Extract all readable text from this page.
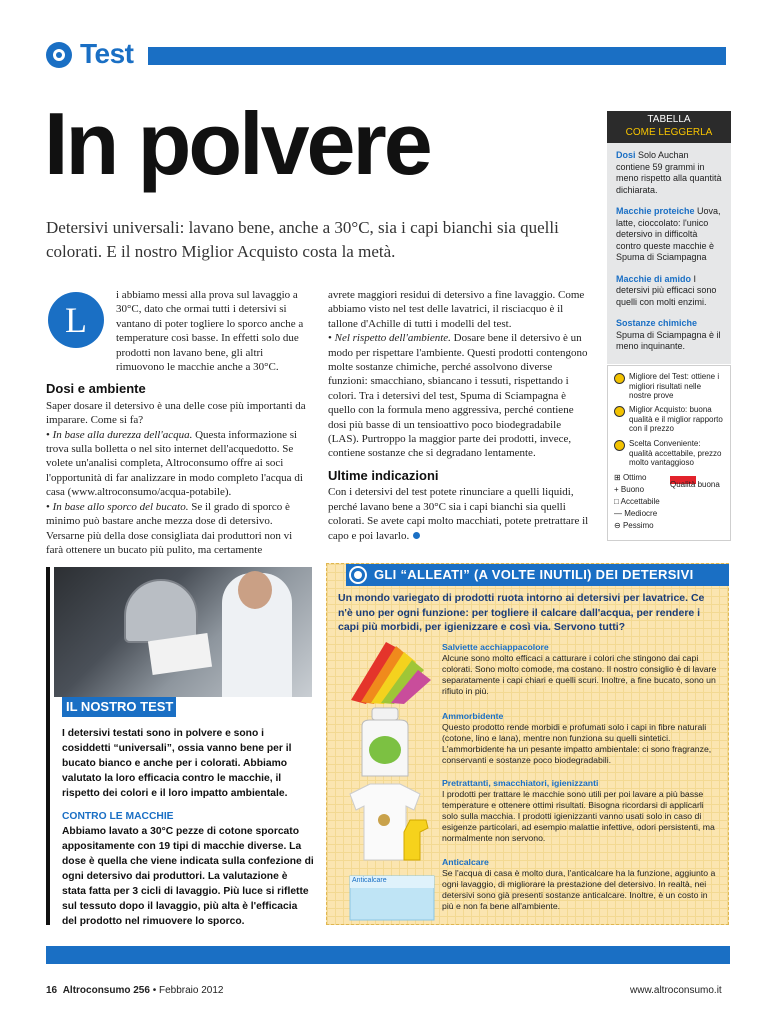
Test
In polvere
Detersivi universali: lavano bene, anche a 30°C, sia i capi bianchi sia quelli colorati. E il nostro Miglior Acquisto costa la metà.
L
i abbiamo messi alla prova sul lavaggio a 30°C, dato che ormai tutti i detersivi si vantano di poter togliere lo sporco anche a temperature così basse. In effetti solo due prodotti non lavano bene, gli altri rimuovono le macchie anche a 30°C.
Dosi e ambiente
Saper dosare il detersivo è una delle cose più importanti da imparare. Come si fa?
• In base alla durezza dell'acqua. Questa informazione si trova sulla bolletta o nel sito internet dell'acquedotto. Se volete un'analisi completa, Altroconsumo offre ai soci l'opportunità di far analizzare in modo completo l'acqua di casa (www.altroconsumo/acqua-potabile).
• In base allo sporco del bucato. Se il grado di sporco è minimo può bastare anche mezza dose di detersivo. Versarne più della dose consigliata dai produttori non vi farà ottenere un bucato più pulito, ma certamente
avrete maggiori residui di detersivo a fine lavaggio. Come abbiamo visto nel test delle lavatrici, il risciacquo è il tallone d'Achille di tutti i modelli del test.
• Nel rispetto dell'ambiente. Dosare bene il detersivo è un modo per rispettare l'ambiente. Questi prodotti contengono molte sostanze chimiche, perché assolvono diverse funzioni: smacchiano, sbiancano i tessuti, rispettando i colori. Tra i detersivi del test, Spuma di Sciampagna è quello con la formula meno aggressiva, perché contiene dosi più basse di un tensioattivo poco biodegradabile (LAS). Purtroppo la maggior parte dei prodotti, invece, contiene sostanze che si degradano lentamente.
Ultime indicazioni
Con i detersivi del test potete rinunciare a quelli liquidi, perché lavano bene a 30°C sia i capi bianchi sia quelli colorati. Se avete capi molto macchiati, potete pretrattare il capo e poi lavarlo.
TABELLA
COME LEGGERLA
Dosi Solo Auchan contiene 59 grammi in meno rispetto alla quantità dichiarata.
Macchie proteiche Uova, latte, cioccolato: l'unico detersivo in difficoltà contro queste macchie è Spuma di Sciampagna
Macchie di amido I detersivi più efficaci sono quelli con molti enzimi.
Sostanze chimiche Spuma di Sciampagna è il meno inquinante.
Migliore del Test: ottiene i migliori risultati nelle nostre prove
Miglior Acquisto: buona qualità e il miglior rapporto con il prezzo
Scelta Conveniente: qualità accettabile, prezzo molto vantaggioso
⊞ Ottimo
+ Buono
□ Accettabile
— Mediocre
⊖ Pessimo
Qualità buona
IL NOSTRO TEST
I detersivi testati sono in polvere e sono i cosiddetti “universali”, ossia vanno bene per il bucato bianco e anche per i colorati. Abbiamo valutato la loro efficacia contro le macchie, il rispetto dei colori e il loro impatto ambientale.
CONTRO LE MACCHIE
Abbiamo lavato a 30°C pezze di cotone sporcato appositamente con 19 tipi di macchie diverse. La dose è quella che viene indicata sulla confezione di ogni detersivo dai produttori. La valutazione è stata fatta per 3 cicli di lavaggio. Più luce si riflette sul tessuto dopo il lavaggio, più alta è l'efficacia del prodotto nel rimuovere lo sporco.
GLI “ALLEATI” (A VOLTE INUTILI) DEI DETERSIVI
Un mondo variegato di prodotti ruota intorno ai detersivi per lavatrice. Ce n'è uno per ogni funzione: per togliere il calcare dall'acqua, per rendere i capi più morbidi, per igienizzare e così via. Servono tutti?
Anticalcare
Salviette acchiappacolore
Alcune sono molto efficaci a catturare i colori che stingono dai capi colorati. Sono molto comode, ma costano. Il nostro consiglio è di lavare separatamente i capi chiari e quelli scuri. Inoltre, a fine bucato, sono un rifiuto in più.
Ammorbidente
Questo prodotto rende morbidi e profumati solo i capi in fibre naturali (cotone, lino e lana), mentre non funziona su quelli sintetici. L'ammorbidente ha un pesante impatto ambientale: ci sono fragranze, conservanti e sostanze poco biodegradabili.
Pretrattanti, smacchiatori, igienizzanti
I prodotti per trattare le macchie sono utili per poi lavare a più basse temperature e ottenere ottimi risultati. Bisogna ricordarsi di applicarli solo sulla macchia. I prodotti igienizzanti vanno usati solo in caso di esigenze particolari, ad esempio malattie infettive, odori persistenti, ma normalmente non servono.
Anticalcare
Se l'acqua di casa è molto dura, l'anticalcare ha la funzione, aggiunto a ogni lavaggio, di migliorare la prestazione del detersivo. In realtà, nei detersivi sono già presenti sostanze anticalcare. Inoltre, è un costo in più e non fa bene all'ambiente.
16 Altroconsumo 256 • Febbraio 2012	www.altroconsumo.it
